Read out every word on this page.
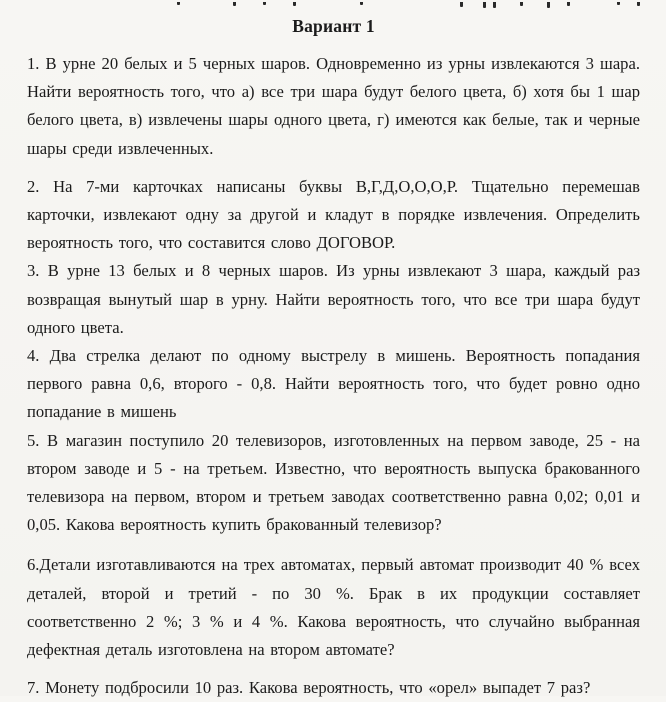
Вариант 1

1. В урне 20 белых и 5 черных шаров. Одновременно из урны извлекаются 3 шара. Найти вероятность того, что а) все три шара будут белого цвета, б) хотя бы 1 шар белого цвета, в) извлечены шары одного цвета, г) имеются как белые, так и черные шары среди извлеченных.

2. На 7-ми карточках написаны буквы В,Г,Д,О,О,О,Р. Тщательно перемешав карточки, извлекают одну за другой и кладут в порядке извлечения. Определить вероятность того, что составится слово ДОГОВОР.

3. В урне 13 белых и 8 черных шаров. Из урны извлекают 3 шара, каждый раз возвращая вынутый шар в урну. Найти вероятность того, что все три шара будут одного цвета.

4. Два стрелка делают по одному выстрелу в мишень. Вероятность попадания первого равна 0,6, второго - 0,8. Найти вероятность того, что будет ровно одно попадание в мишень

5. В магазин поступило 20 телевизоров, изготовленных на первом заводе, 25 - на втором заводе и 5 - на третьем. Известно, что вероятность выпуска бракованного телевизора на первом, втором и третьем заводах соответственно равна 0,02; 0,01 и 0,05. Какова вероятность купить бракованный телевизор?

6.Детали изготавливаются на трех автоматах, первый автомат производит 40 % всех деталей, второй и третий - по 30 %. Брак в их продукции составляет соответственно 2 %; 3 % и 4 %. Какова вероятность, что случайно выбранная дефектная деталь изготовлена на втором автомате?

7. Монету подбросили 10 раз. Какова вероятность, что «орел» выпадет 7 раз?
